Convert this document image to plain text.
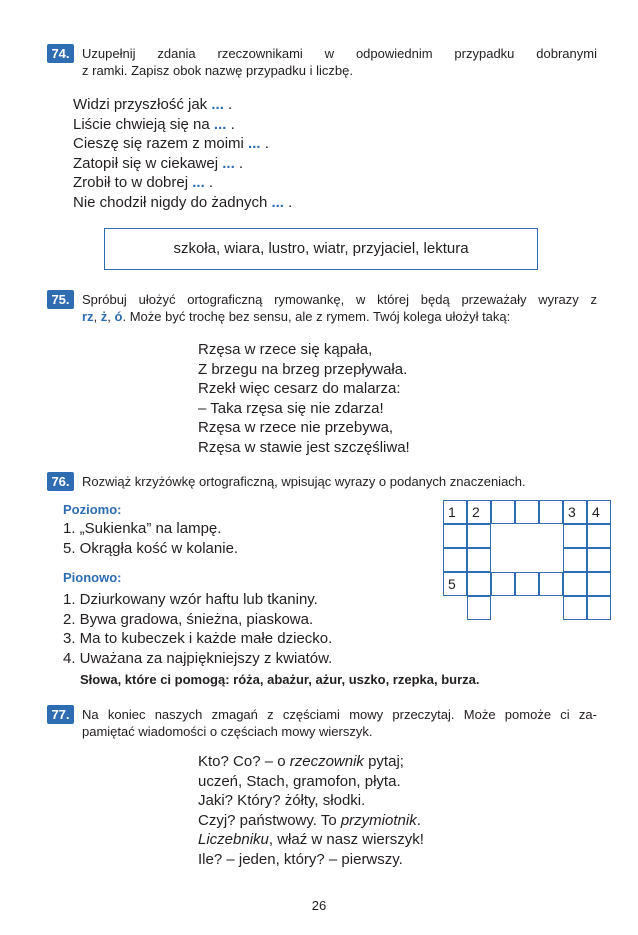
74. Uzupełnij zdania rzeczownikami w odpowiednim przypadku dobranymi
z ramki. Zapisz obok nazwę przypadku i liczbę.
Widzi przyszłość jak ... .
Liście chwieją się na ... .
Cieszę się razem z moimi ... .
Zatopił się w ciekawej ... .
Zrobił to w dobrej ... .
Nie chodził nigdy do żadnych ... .
szkoła, wiara, lustro, wiatr, przyjaciel, lektura
75. Spróbuj ułożyć ortograficzną rymowankę, w której będą przeważały wyrazy z
rz, ż, ó. Może być trochę bez sensu, ale z rymem. Twój kolega ułożył taką:
Rzęsa w rzece się kąpała,
Z brzegu na brzeg przepływała.
Rzekł więc cesarz do malarza:
– Taka rzęsa się nie zdarza!
Rzęsa w rzece nie przebywa,
Rzęsa w stawie jest szczęśliwa!
76. Rozwiąż krzyżówkę ortograficzną, wpisując wyrazy o podanych znaczeniach.
Poziomo:
1. „Sukienka” na lampę.
5. Okrągła kość w kolanie.
Pionowo:
1. Dziurkowany wzór haftu lub tkaniny.
2. Bywa gradowa, śnieżna, piaskowa.
3. Ma to kubeczek i każde małe dziecko.
4. Uważana za najpiękniejszy z kwiatów.
Słowa, które ci pomogą: róża, abażur, ażur, uszko, rzepka, burza.
1	2	3	4
5
77. Na koniec naszych zmagań z częściami mowy przeczytaj. Może pomoże ci za-
pamiętać wiadomości o częściach mowy wierszyk.
Kto? Co? – o rzeczownik pytaj;
uczeń, Stach, gramofon, płyta.
Jaki? Który? żółty, słodki.
Czyj? państwowy. To przymiotnik.
Liczebniku, właź w nasz wierszyk!
Ile? – jeden, który? – pierwszy.
26
